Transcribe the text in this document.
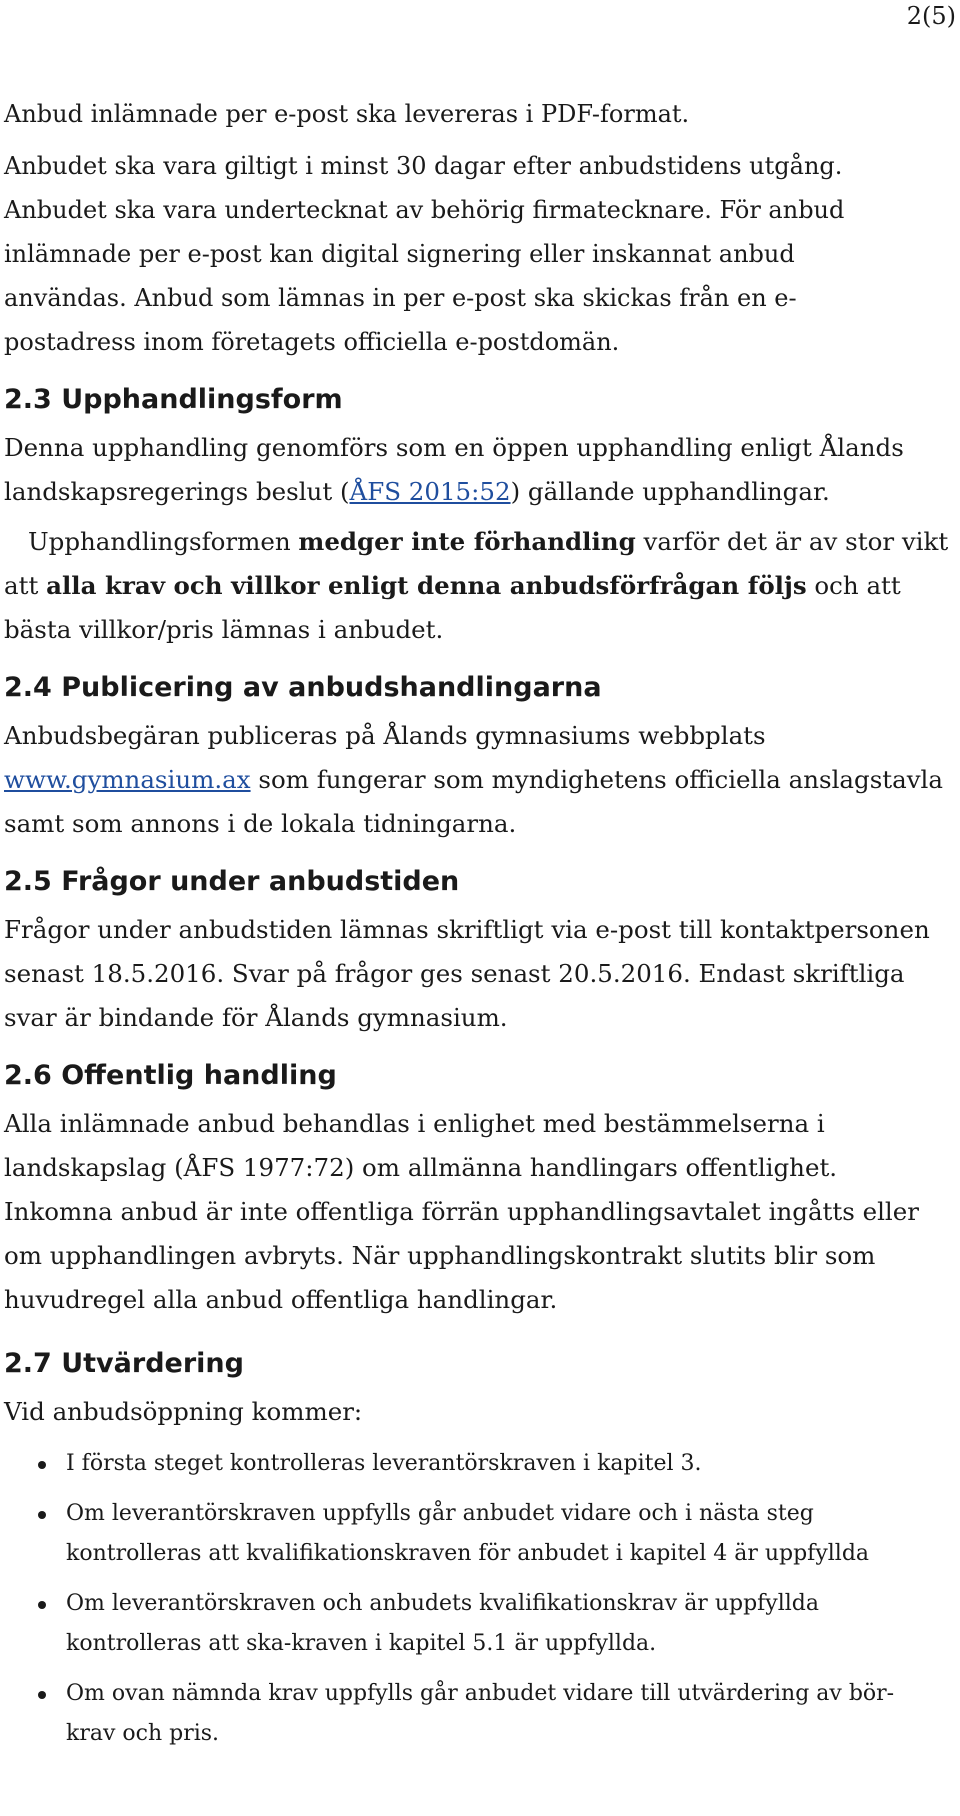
2(5)

Anbud inlämnade per e-post ska levereras i PDF-format.

Anbudet ska vara giltigt i minst 30 dagar efter anbudstidens utgång. Anbudet ska vara undertecknat av behörig firmatecknare. För anbud inlämnade per e-post kan digital signering eller inskannat anbud användas. Anbud som lämnas in per e-post ska skickas från en e-postadress inom företagets officiella e-postdomän.

2.3 Upphandlingsform

Denna upphandling genomförs som en öppen upphandling enligt Ålands landskapsregerings beslut (ÅFS 2015:52) gällande upphandlingar.

Upphandlingsformen medger inte förhandling varför det är av stor vikt att alla krav och villkor enligt denna anbudsförfrågan följs och att bästa villkor/pris lämnas i anbudet.

2.4 Publicering av anbudshandlingarna

Anbudsbegäran publiceras på Ålands gymnasiums webbplats www.gymnasium.ax som fungerar som myndighetens officiella anslagstavla samt som annons i de lokala tidningarna.

2.5 Frågor under anbudstiden

Frågor under anbudstiden lämnas skriftligt via e-post till kontaktpersonen senast 18.5.2016. Svar på frågor ges senast 20.5.2016. Endast skriftliga svar är bindande för Ålands gymnasium.

2.6 Offentlig handling

Alla inlämnade anbud behandlas i enlighet med bestämmelserna i landskapslag (ÅFS 1977:72) om allmänna handlingars offentlighet. Inkomna anbud är inte offentliga förrän upphandlingsavtalet ingåtts eller om upphandlingen avbryts. När upphandlingskontrakt slutits blir som huvudregel alla anbud offentliga handlingar.

2.7 Utvärdering

Vid anbudsöppning kommer:

I första steget kontrolleras leverantörskraven i kapitel 3.
Om leverantörskraven uppfylls går anbudet vidare och i nästa steg kontrolleras att kvalifikationskraven för anbudet i kapitel 4 är uppfyllda
Om leverantörskraven och anbudets kvalifikationskrav är uppfyllda kontrolleras att ska-kraven i kapitel 5.1 är uppfyllda.
Om ovan nämnda krav uppfylls går anbudet vidare till utvärdering av bör-krav och pris.
